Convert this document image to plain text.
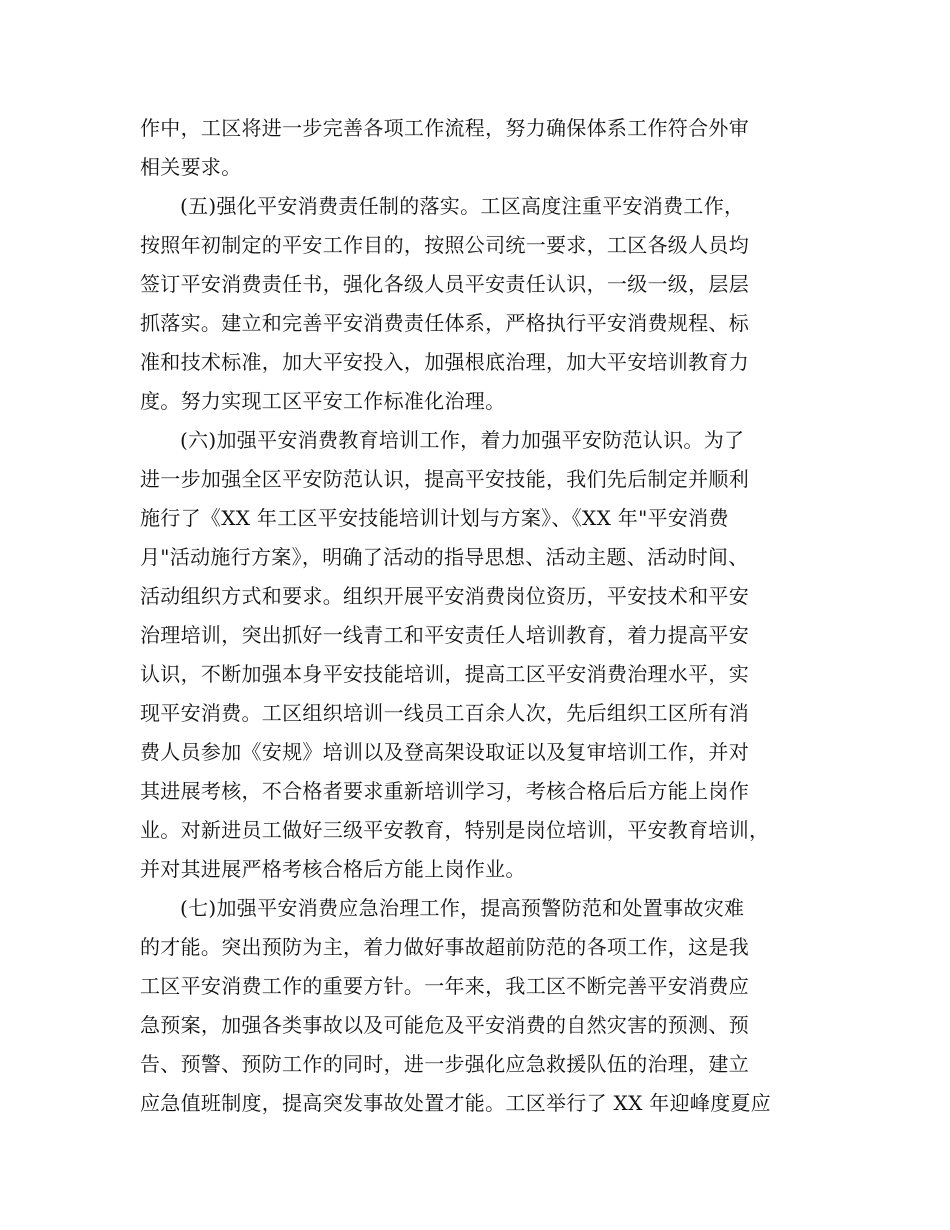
作中，工区将进一步完善各项工作流程，努力确保体系工作符合外审
相关要求。
(五)强化平安消费责任制的落实。工区高度注重平安消费工作，
按照年初制定的平安工作目的，按照公司统一要求，工区各级人员均
签订平安消费责任书，强化各级人员平安责任认识，一级一级，层层
抓落实。建立和完善平安消费责任体系，严格执行平安消费规程、标
准和技术标准，加大平安投入，加强根底治理，加大平安培训教育力
度。努力实现工区平安工作标准化治理。
(六)加强平安消费教育培训工作，着力加强平安防范认识。为了
进一步加强全区平安防范认识，提高平安技能，我们先后制定并顺利
施行了《XX 年工区平安技能培训计划与方案》、《XX 年"平安消费
月"活动施行方案》，明确了活动的指导思想、活动主题、活动时间、
活动组织方式和要求。组织开展平安消费岗位资历，平安技术和平安
治理培训，突出抓好一线青工和平安责任人培训教育，着力提高平安
认识，不断加强本身平安技能培训，提高工区平安消费治理水平，实
现平安消费。工区组织培训一线员工百余人次，先后组织工区所有消
费人员参加《安规》培训以及登高架设取证以及复审培训工作，并对
其进展考核，不合格者要求重新培训学习，考核合格后后方能上岗作
业。对新进员工做好三级平安教育，特别是岗位培训，平安教育培训，
并对其进展严格考核合格后方能上岗作业。
(七)加强平安消费应急治理工作，提高预警防范和处置事故灾难
的才能。突出预防为主，着力做好事故超前防范的各项工作，这是我
工区平安消费工作的重要方针。一年来，我工区不断完善平安消费应
急预案，加强各类事故以及可能危及平安消费的自然灾害的预测、预
告、预警、预防工作的同时，进一步强化应急救援队伍的治理，建立
应急值班制度，提高突发事故处置才能。工区举行了 XX 年迎峰度夏应
